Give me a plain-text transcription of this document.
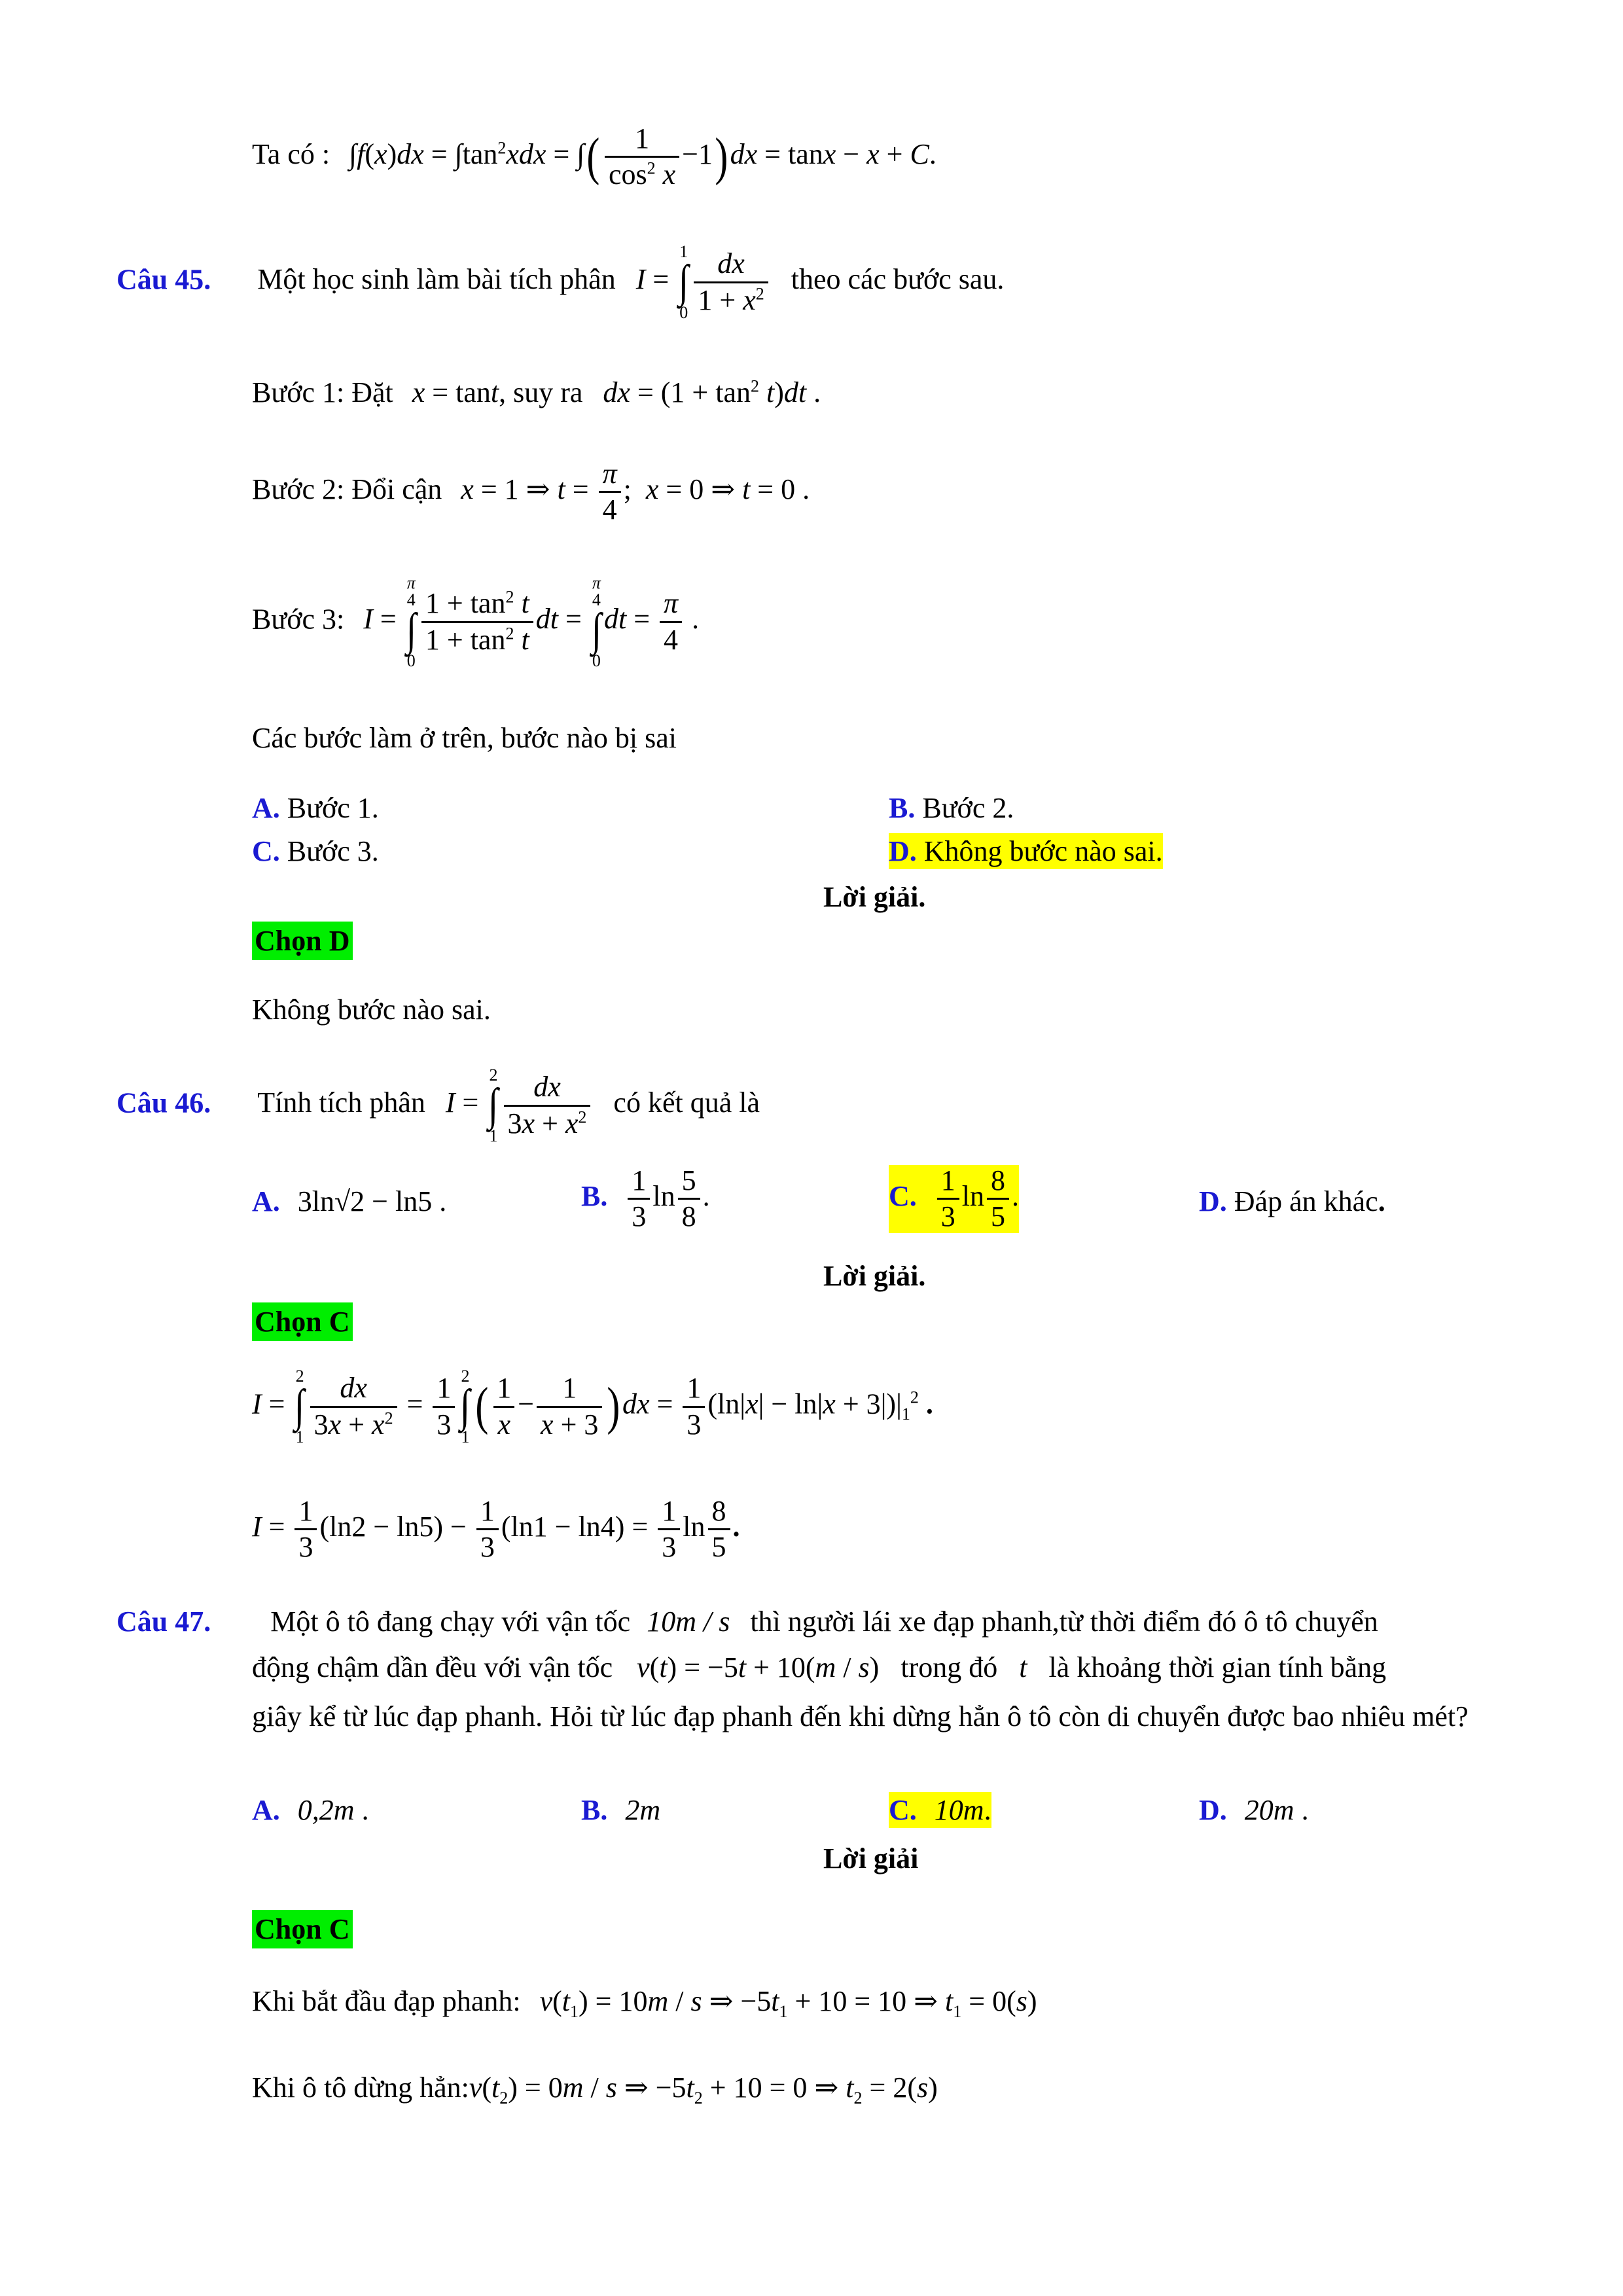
Ta có : $\int f(x)dx = \int\tan^2xdx$ = ∫( $\frac{1}{\cos^2 x} -1)dx = \tan x - x + C$.
Câu 45. Một học sinh làm bài tích phân I =
1
∫
$0 \frac{dx}{1 + x^2}$ theo các bước sau.
Bước 1: Đặt x = tant, suy ra dx = $(1 + \tan^2 t)dt$ .
Bước 2: Đổi cận x = 1 ⇒ $t = \frac{\pi}{4}$ ;  x = 0 ⇒ t = 0 .
Bước 3: I =
π
4
∫
0
$\frac{1 + \tan^2 t}{1 + \tan^2 t}$ dt =
π
4
∫
0
dt = $\frac{\pi}{4}$ .
Các bước làm ở trên, bước nào bị sai
A. Bước 1.	B. Bước 2.
C. Bước 3.	D. Không bước nào sai.
Lời giải.
Chọn D
Không bước nào sai.
Câu 46. Tính tích phân I =
2
∫
$1 \frac{dx}{3x + x^2}$ có kết quả là
A. 3ln√2 − ln5 .	B. $\frac{1}{3}$ $\ln \frac{5}{8}$ .	C. $\frac{1}{3}$ $\ln \frac{8}{5}$ .	D. Đáp án khác.
Lời giải.
Chọn C
I =
2
∫
$1 \frac{dx}{3x + x^2} = \frac{1}{3} 2$
∫
1
( $\frac{1}{x} - \frac{1}{x + 3} )dx = \frac{1}{3} (\ln|x| - \ln|x + 3|)|_1^2$ .
$I = \frac{1}{3} (\ln 2 - \ln 5) - \frac{1}{3} (\ln 1 - \ln 4) = \frac{1}{3}$ $\ln \frac{8}{5}$ .
Câu 47. Một ô tô đang chạy với vận tốc 10m / s thì người lái xe đạp phanh,từ thời điểm đó ô tô chuyển
động chậm dần đều với vận tốc v(t) = −5t + 10(m / s) trong đó t là khoảng thời gian tính bằng
giây kể từ lúc đạp phanh. Hỏi từ lúc đạp phanh đến khi dừng hẳn ô tô còn di chuyển được bao nhiêu mét?
A. 0,2m .	B. 2m	C. 10m.	D. 20m .
Lời giải
Chọn C
Khi bắt đầu đạp phanh: $v(t_1) = 10m / s$ ⇒ $-5t_1 + 10 = 10$ ⇒ $t_1 = 0(s)$
Khi ô tô dừng $hẳn:v(t_2) = 0m / s$ ⇒ $-5t_2 + 10 = 0$ ⇒ $t_2 = 2(s)$
